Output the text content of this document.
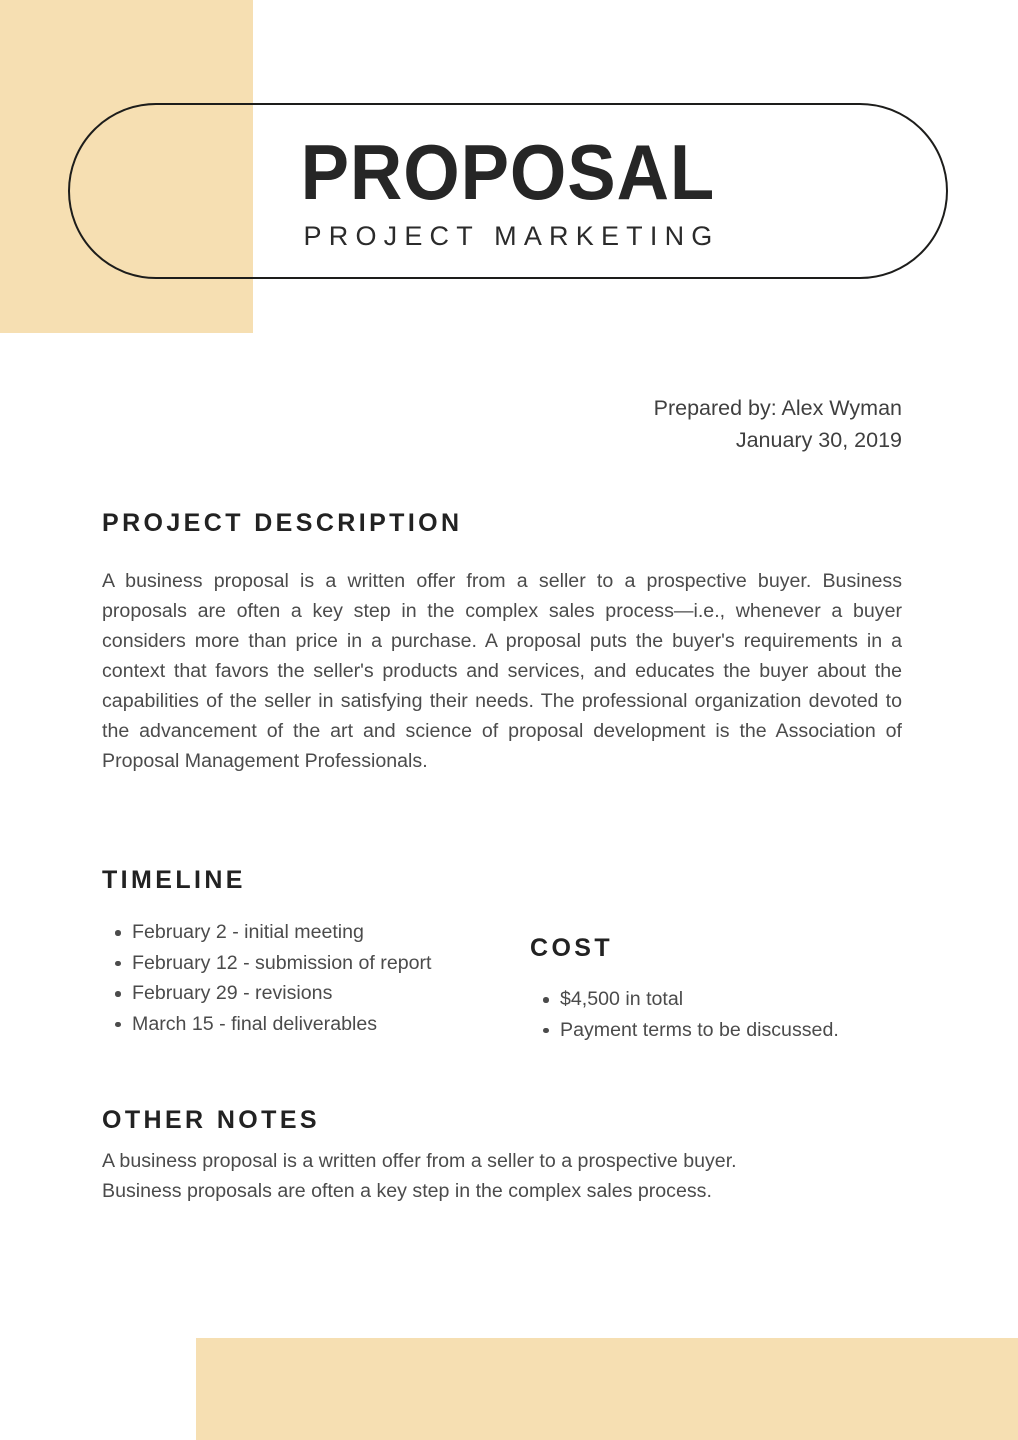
PROPOSAL
PROJECT MARKETING
Prepared by: Alex Wyman
January 30, 2019
PROJECT DESCRIPTION
A business proposal is a written offer from a seller to a prospective buyer. Business proposals are often a key step in the complex sales process—i.e., whenever a buyer considers more than price in a purchase. A proposal puts the buyer's requirements in a context that favors the seller's products and services, and educates the buyer about the capabilities of the seller in satisfying their needs. The professional organization devoted to the advancement of the art and science of proposal development is the Association of Proposal Management Professionals.
TIMELINE
February 2 - initial meeting
February 12 - submission of report
February 29 - revisions
March 15 - final deliverables
COST
$4,500 in total
Payment terms to be discussed.
OTHER NOTES
A business proposal is a written offer from a seller to a prospective buyer.
Business proposals are often a key step in the complex sales process.
